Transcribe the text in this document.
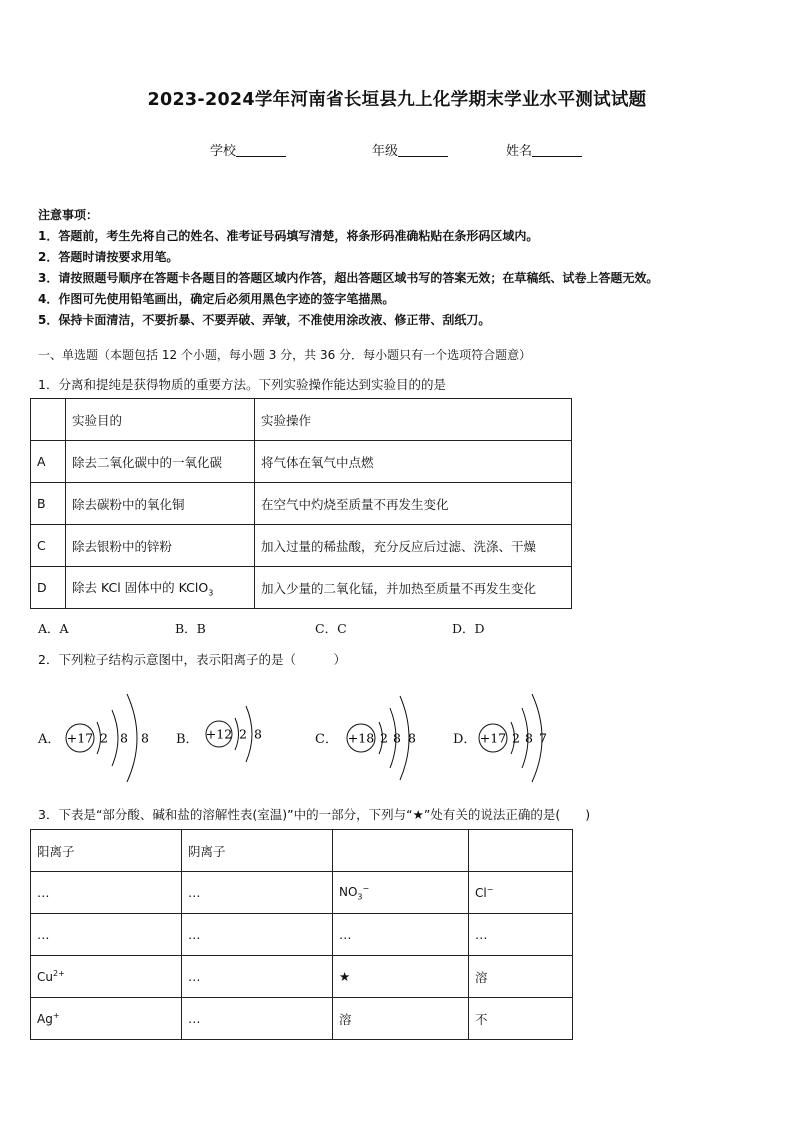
2023-2024学年河南省长垣县九上化学期末学业水平测试试题
学校	年级	姓名
注意事项：
1．答题前，考生先将自己的姓名、准考证号码填写清楚，将条形码准确粘贴在条形码区域内。
2．答题时请按要求用笔。
3．请按照题号顺序在答题卡各题目的答题区域内作答，超出答题区域书写的答案无效；在草稿纸、试卷上答题无效。
4．作图可先使用铅笔画出，确定后必须用黑色字迹的签字笔描黑。
5．保持卡面清洁，不要折暴、不要弄破、弄皱，不准使用涂改液、修正带、刮纸刀。
一、单选题（本题包括 12 个小题，每小题 3 分，共 36 分．每小题只有一个选项符合题意）
1．分离和提纯是获得物质的重要方法。下列实验操作能达到实验目的的是
	实验目的	实验操作
A	除去二氧化碳中的一氧化碳	将气体在氧气中点燃
B	除去碳粉中的氧化铜	在空气中灼烧至质量不再发生变化
C	除去银粉中的锌粉	加入过量的稀盐酸，充分反应后过滤、洗涤、干燥
D	除去 KCl 固体中的 KClO$_3$	加入少量的二氧化锰，并加热至质量不再发生变化
A．A	B．B	C．C	D．D
2．下列粒子结构示意图中，表示阳离子的是（　　　）
A．	B．	C．	D．
+17 2 8 8	+12 2 8	+18 2 8 8	+17 2 8 7
3．下表是“部分酸、碱和盐的溶解性表(室温)”中的一部分，下列与“★”处有关的说法正确的是(　　)
阳离子	阴离子		
…	…	$NO_3^-$	Cl−
…	…	…	…
$Cu^{2+}$	…	★	溶
Ag+	…	溶	不
